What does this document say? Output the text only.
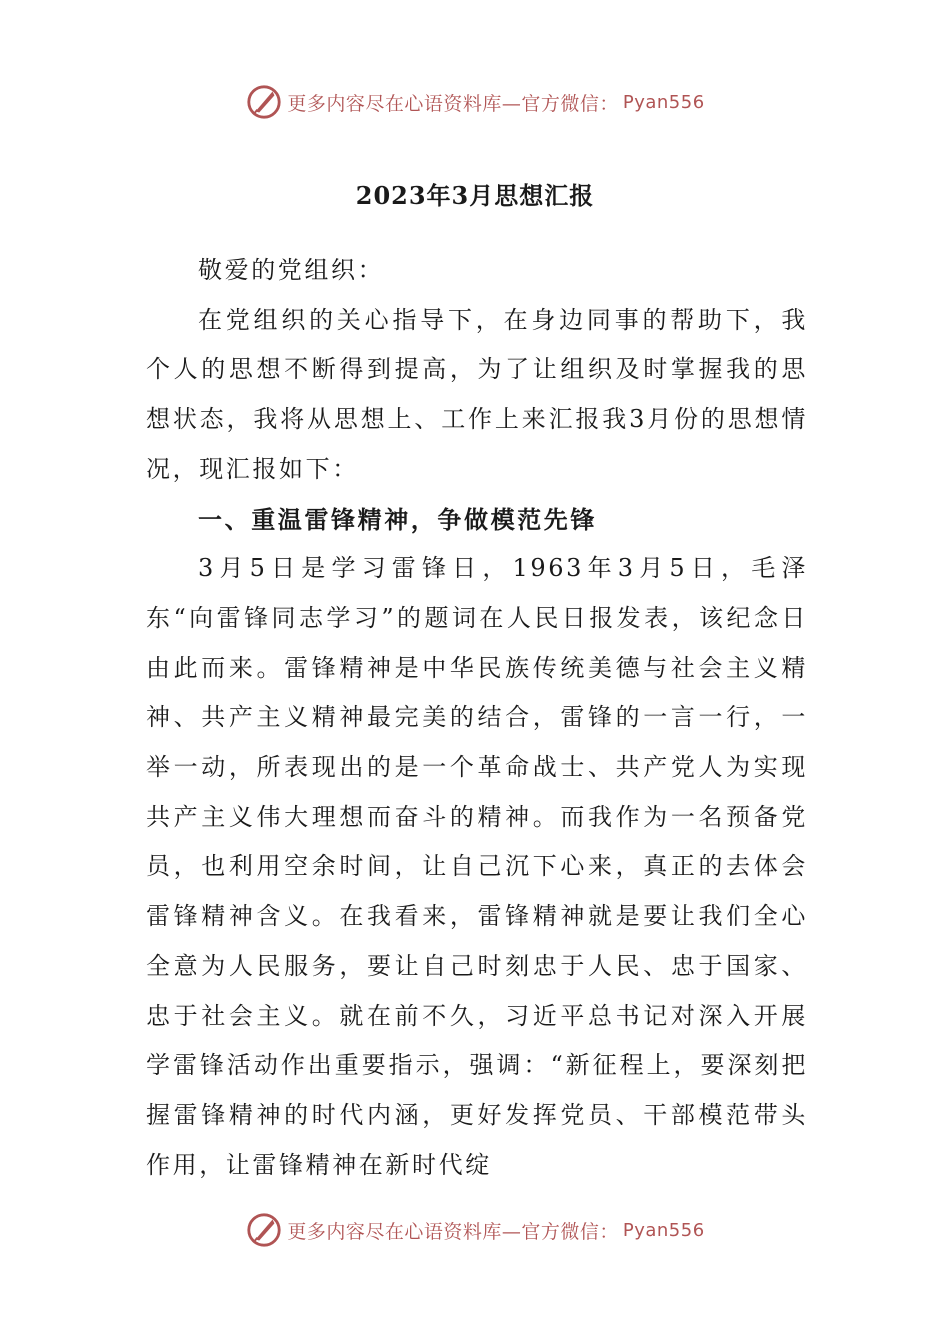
更多内容尽在心语资料库—官方微信： Pyan556
2023年3月思想汇报

敬爱的党组织：

在党组织的关心指导下，在身边同事的帮助下，我个人的思想不断得到提高，为了让组织及时掌握我的思想状态，我将从思想上、工作上来汇报我3月份的思想情况，现汇报如下：

一、重温雷锋精神，争做模范先锋

3月5日是学习雷锋日，1963年3月5日，毛泽东“向雷锋同志学习”的题词在人民日报发表，该纪念日由此而来。雷锋精神是中华民族传统美德与社会主义精神、共产主义精神最完美的结合，雷锋的一言一行，一举一动，所表现出的是一个革命战士、共产党人为实现共产主义伟大理想而奋斗的精神。而我作为一名预备党员，也利用空余时间，让自己沉下心来，真正的去体会雷锋精神含义。在我看来，雷锋精神就是要让我们全心全意为人民服务，要让自己时刻忠于人民、忠于国家、忠于社会主义。就在前不久，习近平总书记对深入开展学雷锋活动作出重要指示，强调：“新征程上，要深刻把握雷锋精神的时代内涵，更好发挥党员、干部模范带头作用，让雷锋精神在新时代绽

更多内容尽在心语资料库—官方微信： Pyan556
